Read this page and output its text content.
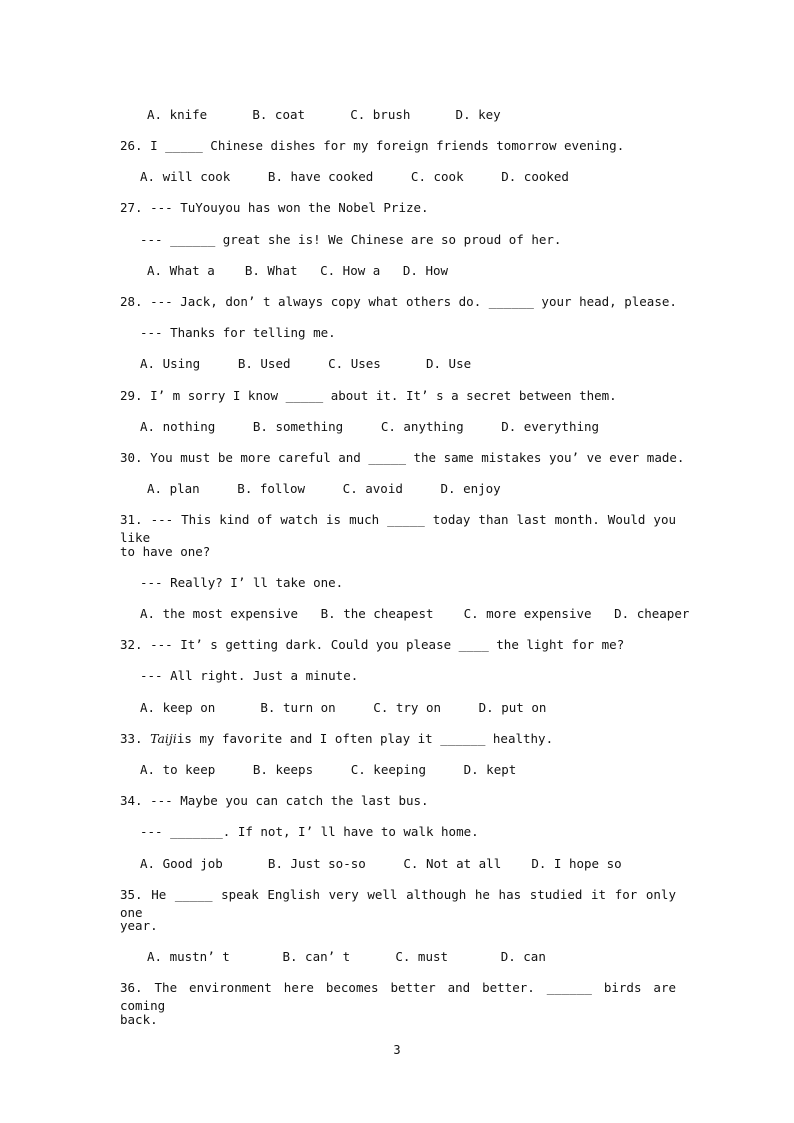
A. knife      B. coat      C. brush      D. key
26. I _____ Chinese dishes for my foreign friends tomorrow evening.
A. will cook     B. have cooked     C. cook     D. cooked
27. --- TuYouyou has won the Nobel Prize.
--- ______ great she is! We Chinese are so proud of her.
A. What a    B. What   C. How a   D. How
28. --- Jack, don’ t always copy what others do. ______ your head, please.
--- Thanks for telling me.
A. Using     B. Used     C. Uses      D. Use
29. I’ m sorry I know _____ about it. It’ s a secret between them.
A. nothing     B. something     C. anything     D. everything
30. You must be more careful and _____ the same mistakes you’ ve ever made.
A. plan     B. follow     C. avoid     D. enjoy
31. --- This kind of watch is much _____ today than last month. Would you like
to have one?
--- Really? I’ ll take one.
A. the most expensive   B. the cheapest    C. more expensive   D. cheaper
32. --- It’ s getting dark. Could you please ____ the light for me?
--- All right. Just a minute.
A. keep on      B. turn on     C. try on     D. put on
33. Taijiis my favorite and I often play it ______ healthy.
A. to keep     B. keeps     C. keeping     D. kept
34. --- Maybe you can catch the last bus.
--- _______. If not, I’ ll have to walk home.
A. Good job      B. Just so-so     C. Not at all    D. I hope so
35. He _____ speak English very well although he has studied it for only one
year.
A. mustn’ t       B. can’ t      C. must       D. can
36. The environment here becomes better and better. ______ birds are coming
back.
3
